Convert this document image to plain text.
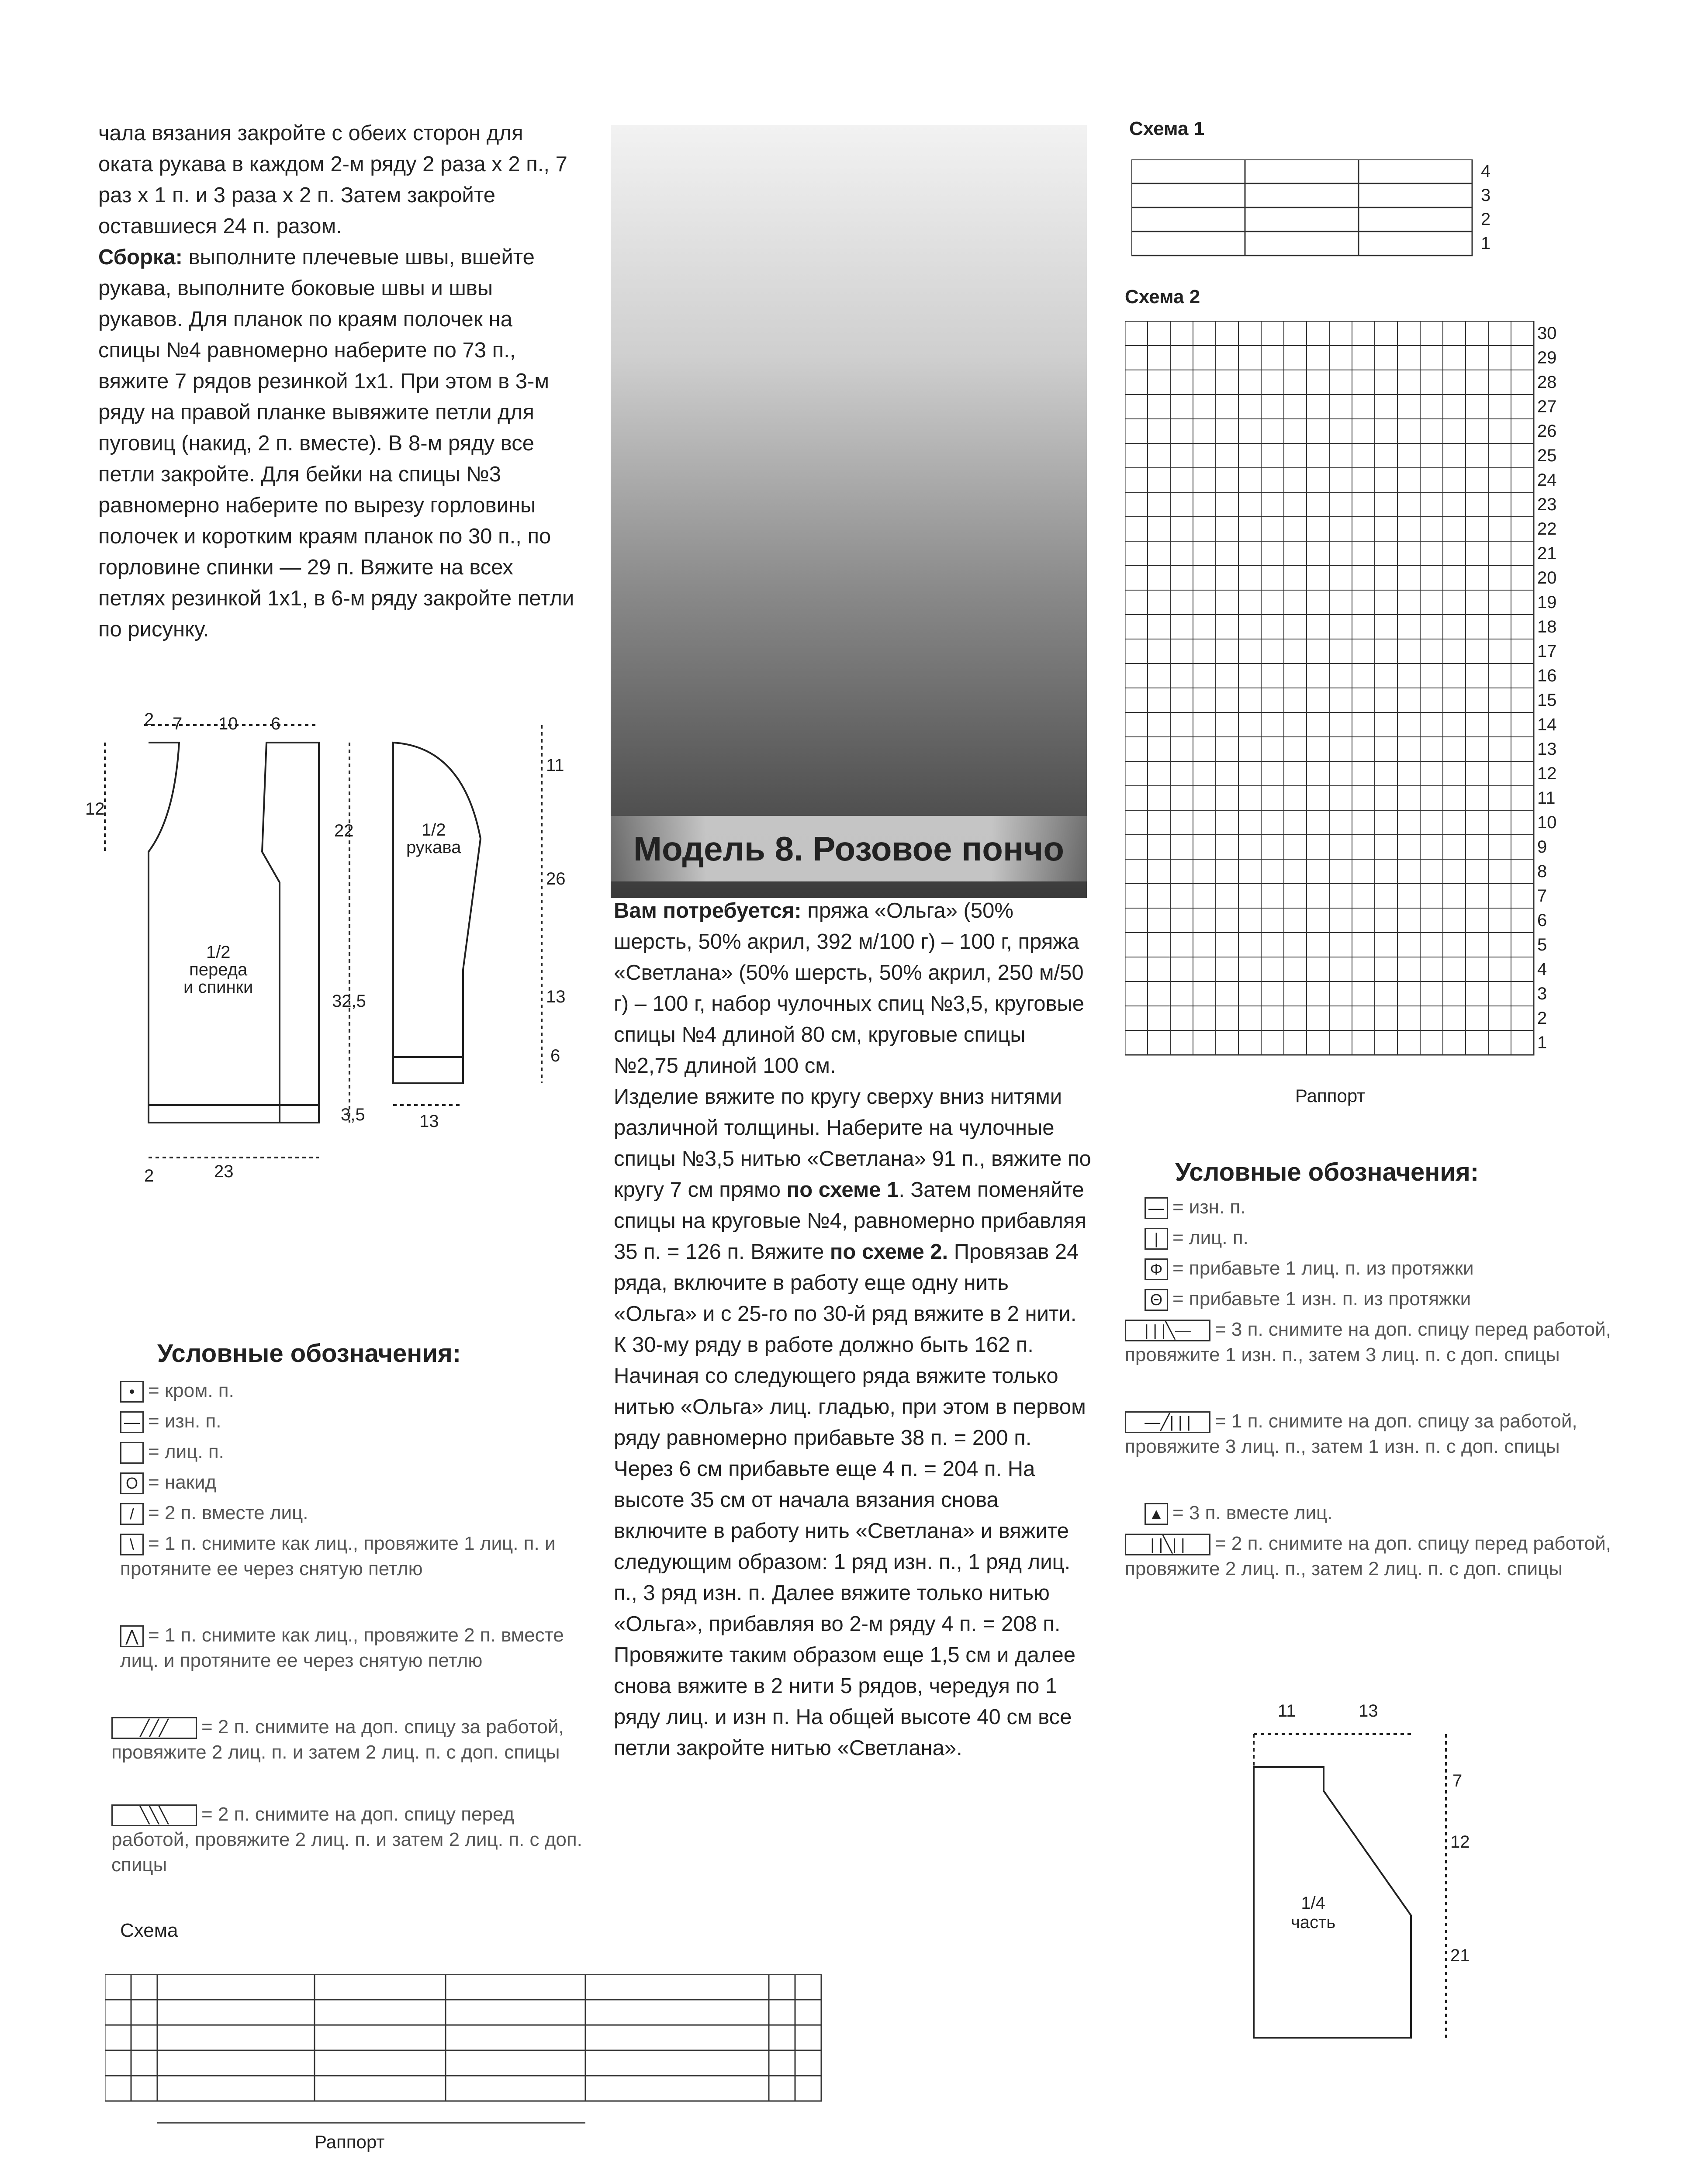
чала вязания закройте с обеих сторон для оката рукава в каждом 2-м ряду 2 раза х 2 п., 7 раз х 1 п. и 3 раза х 2 п. Затем закройте оставшиеся 24 п. разом.

Сборка: выполните плечевые швы, вшейте рукава, выполните боковые швы и швы рукавов. Для планок по краям полочек на спицы №4 равномерно наберите по 73 п., вяжите 7 рядов резинкой 1х1. При этом в 3-м ряду на правой планке вывяжите петли для пуговиц (накид, 2 п. вместе). В 8-м ряду все петли закройте. Для бейки на спицы №3 равномерно наберите по вырезу горловины полочек и коротким краям планок по 30 п., по горловине спинки — 29 п. Вяжите на всех петлях резинкой 1х1, в 6-м ряду закройте петли по рисунку.

2 7 10 6
12
22
32,5
3,5
2	23
11
26
13
6
13
1/2
переда
и спинки
1/2
рукава
Условные обозначения:
• = кром. п.
— = изн. п.
= лиц. п.
O = накид
/ = 2 п. вместе лиц.
\ = 1 п. снимите как лиц., провяжите 1 лиц. п. и протяните ее через снятую петлю
⋀ = 1 п. снимите как лиц., провяжите 2 п. вместе лиц. и протяните ее через снятую петлю
╱╱╱ = 2 п. снимите на доп. спицу за работой, провяжите 2 лиц. п. и затем 2 лиц. п. с доп. спицы
╲╲╲ = 2 п. снимите на доп. спицу перед работой, провяжите 2 лиц. п. и затем 2 лиц. п. с доп. спицы
Схема
Раппорт
Модель 8. Розовое пончо

Вам потребуется: пряжа «Ольга» (50% шерсть, 50% акрил, 392 м/100 г) – 100 г, пряжа «Светлана» (50% шерсть, 50% акрил, 250 м/50 г) – 100 г, набор чулочных спиц №3,5, круговые спицы №4 длиной 80 см, круговые спицы №2,75 длиной 100 см.

Изделие вяжите по кругу сверху вниз нитями различной толщины. Наберите на чулочные спицы №3,5 нитью «Светлана» 91 п., вяжите по кругу 7 см прямо по схеме 1. Затем поменяйте спицы на круговые №4, равномерно прибавляя 35 п. = 126 п. Вяжите по схеме 2. Провязав 24 ряда, включите в работу еще одну нить «Ольга» и с 25-го по 30-й ряд вяжите в 2 нити. К 30-му ряду в работе должно быть 162 п. Начиная со следующего ряда вяжите только нитью «Ольга» лиц. гладью, при этом в первом ряду равномерно прибавьте 38 п. = 200 п. Через 6 см прибавьте еще 4 п. = 204 п. На высоте 35 см от начала вязания снова включите в работу нить «Светлана» и вяжите следующим образом: 1 ряд изн. п., 1 ряд лиц. п., 3 ряд изн. п. Далее вяжите только нитью «Ольга», прибавляя во 2-м ряду 4 п. = 208 п. Провяжите таким образом еще 1,5 см и далее снова вяжите в 2 нити 5 рядов, чередуя по 1 ряду лиц. и изн п. На общей высоте 40 см все петли закройте нитью «Светлана».

Схема 1
4
3
2
1
Схема 2
30
29
28
27
26
25
24
23
22
21
20
19
18
17
16
15
14
13
12
11
10
9
8
7
6
5
4
3
2
1
Раппорт
Условные обозначения:
— = изн. п.
| = лиц. п.
Φ = прибавьте 1 лиц. п. из протяжки
Θ = прибавьте 1 изн. п. из протяжки
| | |╲— = 3 п. снимите на доп. спицу перед работой, провяжите 1 изн. п., затем 3 лиц. п. с доп. спицы
—╱| | | = 1 п. снимите на доп. спицу за работой, провяжите 3 лиц. п., затем 1 изн. п. с доп. спицы
▲ = 3 п. вместе лиц.
| |╲| | = 2 п. снимите на доп. спицу перед работой, провяжите 2 лиц. п., затем 2 лиц. п. с доп. спицы
11	13
7
12
21
1/4
часть
